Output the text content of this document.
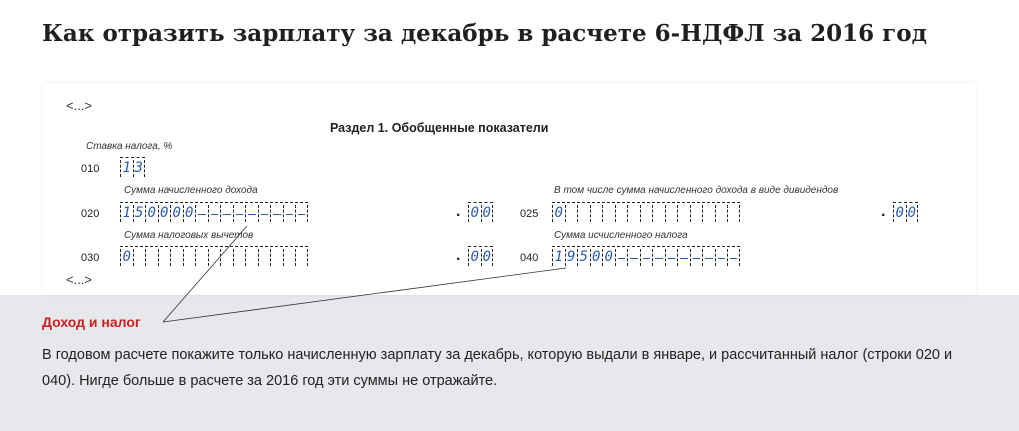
Как отразить зарплату за декабрь в расчете 6-НДФЛ за 2016 год
<...>
Раздел 1. Обобщенные показатели
Ставка налога, %
010 1 3
Сумма начисленного дохода
020 1 5 0 0 0 0	. 0 0
В том числе сумма начисленного дохода в виде дивидендов
025 0	. 0 0
Сумма налоговых вычетов
030 0	. 0 0
Сумма исчисленного налога
040 1 9 5 0 0
<...>
Доход и налог
В годовом расчете покажите только начисленную зарплату за декабрь, которую выдали в январе, и рассчитанный налог (строки 020 и 040). Нигде больше в расчете за 2016 год эти суммы не отражайте.
